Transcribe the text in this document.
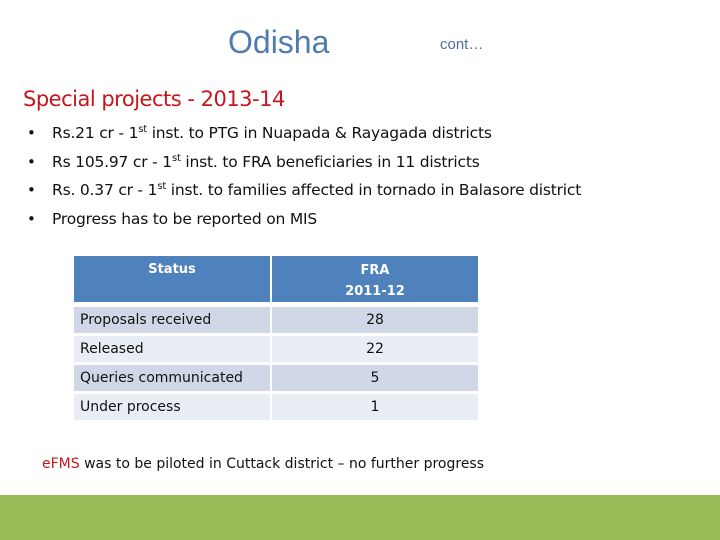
Odisha	cont…
Special projects - 2013-14
• Rs.21 cr - 1st inst. to PTG in Nuapada & Rayagada districts
• Rs 105.97 cr - 1st inst. to FRA beneficiaries in 11 districts
• Rs. 0.37 cr - 1st inst. to families affected in tornado in Balasore district
• Progress has to be reported on MIS
Status	FRA
2011-12

Proposals received	28
Released	22
Queries communicated	5
Under process	1
eFMS was to be piloted in Cuttack district – no further progress
